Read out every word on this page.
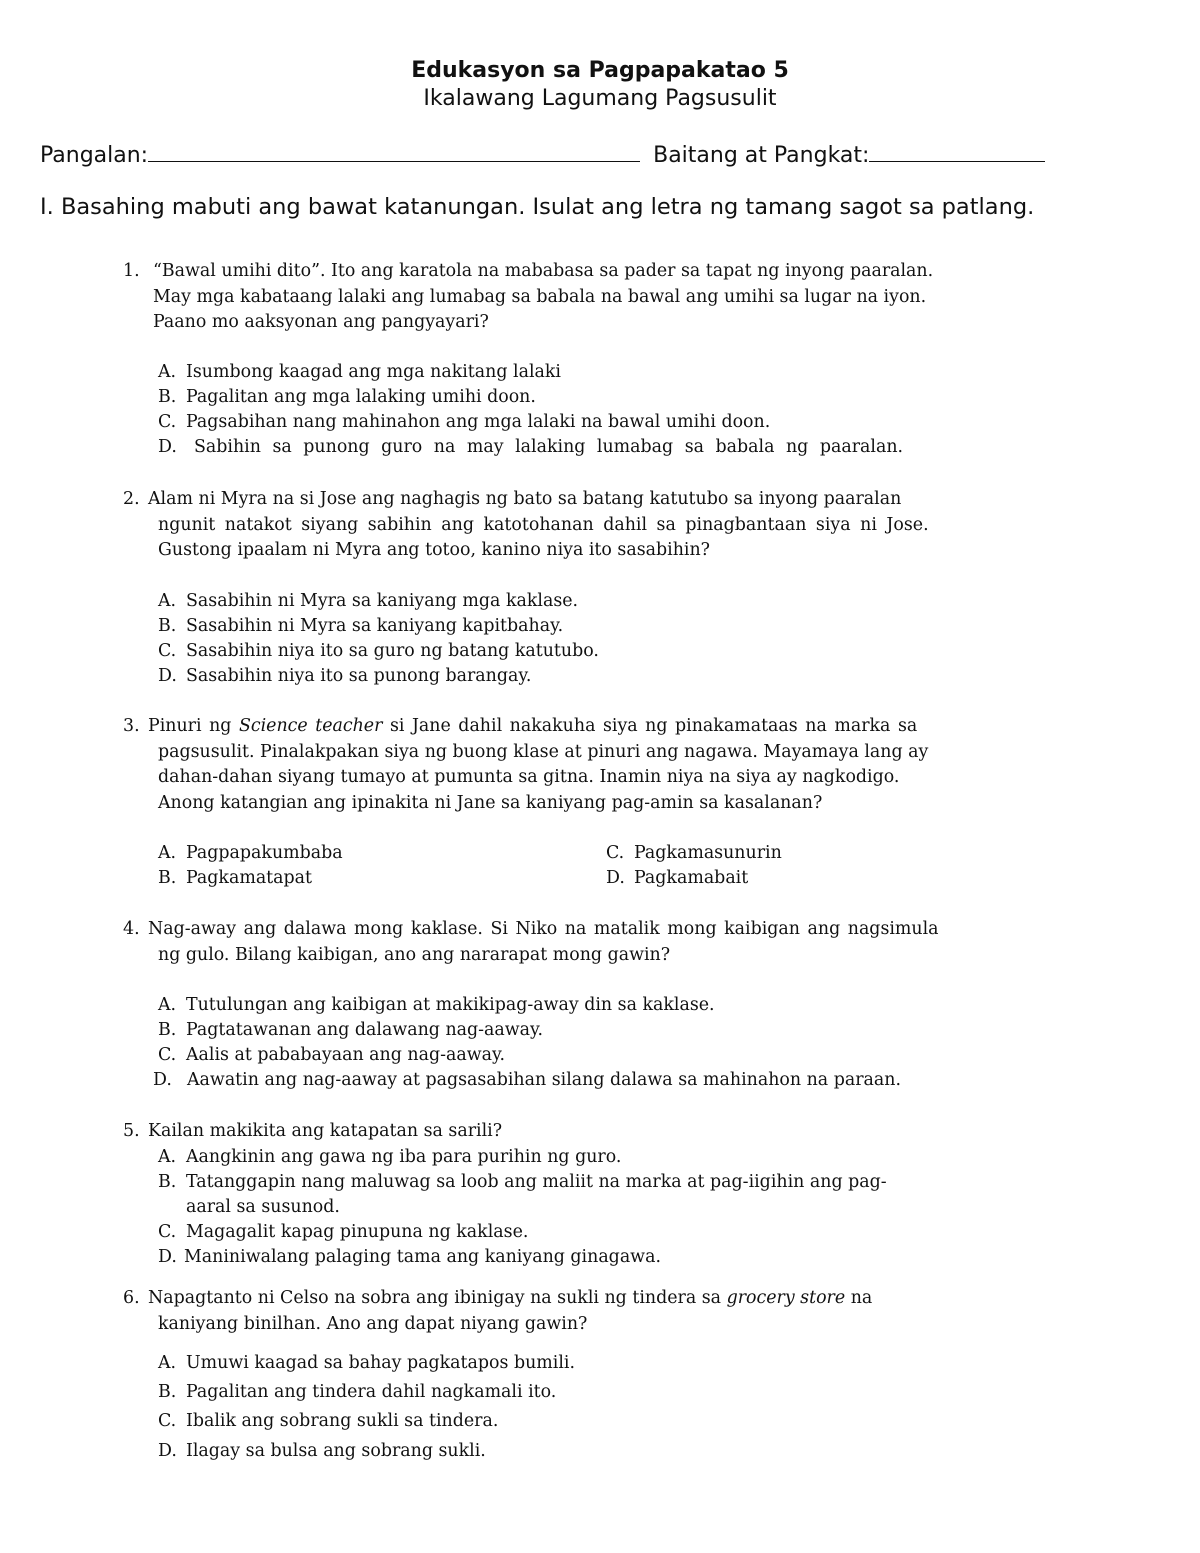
Edukasyon sa Pagpapakatao 5
Ikalawang Lagumang Pagsusulit
Pangalan:	Baitang at Pangkat:
I. Basahing mabuti ang bawat katanungan. Isulat ang letra ng tamang sagot sa patlang.
1. “Bawal umihi dito”. Ito ang karatola na mababasa sa pader sa tapat ng inyong paaralan.
May mga kabataang lalaki ang lumabag sa babala na bawal ang umihi sa lugar na iyon.
Paano mo aaksyonan ang pangyayari?
A. Isumbong kaagad ang mga nakitang lalaki
B. Pagalitan ang mga lalaking umihi doon.
C. Pagsabihan nang mahinahon ang mga lalaki na bawal umihi doon.
D. Sabihin sa punong guro na may lalaking lumabag sa babala ng paaralan.
2. Alam ni Myra na si Jose ang naghagis ng bato sa batang katutubo sa inyong paaralan
ngunit natakot siyang sabihin ang katotohanan dahil sa pinagbantaan siya ni Jose.
Gustong ipaalam ni Myra ang totoo, kanino niya ito sasabihin?
A. Sasabihin ni Myra sa kaniyang mga kaklase.
B. Sasabihin ni Myra sa kaniyang kapitbahay.
C. Sasabihin niya ito sa guro ng batang katutubo.
D. Sasabihin niya ito sa punong barangay.
3. Pinuri ng Science teacher si Jane dahil nakakuha siya ng pinakamataas na marka sa
pagsusulit. Pinalakpakan siya ng buong klase at pinuri ang nagawa. Mayamaya lang ay
dahan-dahan siyang tumayo at pumunta sa gitna. Inamin niya na siya ay nagkodigo.
Anong katangian ang ipinakita ni Jane sa kaniyang pag-amin sa kasalanan?
A. Pagpapakumbaba	C. Pagkamasunurin
B. Pagkamatapat	D. Pagkamabait
4. Nag-away ang dalawa mong kaklase. Si Niko na matalik mong kaibigan ang nagsimula
ng gulo. Bilang kaibigan, ano ang nararapat mong gawin?
A. Tutulungan ang kaibigan at makikipag-away din sa kaklase.
B. Pagtatawanan ang dalawang nag-aaway.
C. Aalis at pababayaan ang nag-aaway.
D. Aawatin ang nag-aaway at pagsasabihan silang dalawa sa mahinahon na paraan.
5. Kailan makikita ang katapatan sa sarili?
A. Aangkinin ang gawa ng iba para purihin ng guro.
B. Tatanggapin nang maluwag sa loob ang maliit na marka at pag-iigihin ang pag-
aaral sa susunod.
C. Magagalit kapag pinupuna ng kaklase.
D. Maniniwalang palaging tama ang kaniyang ginagawa.
6. Napagtanto ni Celso na sobra ang ibinigay na sukli ng tindera sa grocery store na
kaniyang binilhan. Ano ang dapat niyang gawin?
A. Umuwi kaagad sa bahay pagkatapos bumili.
B. Pagalitan ang tindera dahil nagkamali ito.
C. Ibalik ang sobrang sukli sa tindera.
D. Ilagay sa bulsa ang sobrang sukli.
